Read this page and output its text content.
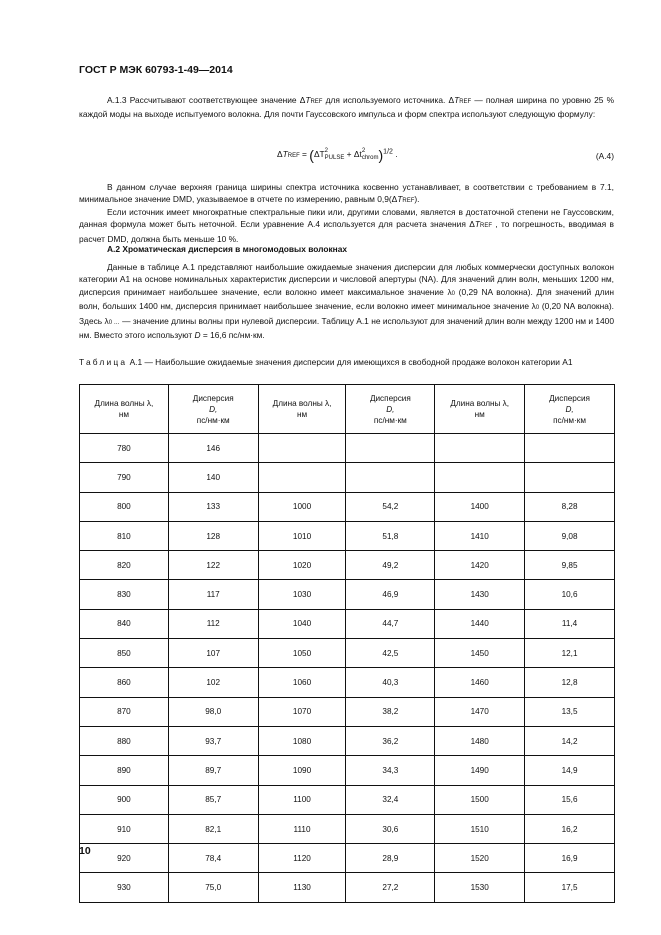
ГОСТ Р МЭК 60793-1-49—2014

А.1.3 Рассчитывают соответствующее значение ΔTREF для используемого источника. ΔTREF — полная ширина по уровню 25 % каждой моды на выходе испытуемого волокна. Для почти Гауссовского импульса и форм спектра используют следующую формулу:

ΔTREF = (ΔT2
PULSE + Δt2
chrom)$^{1/2}$ .	(А.4)

В данном случае верхняя граница ширины спектра источника косвенно устанавливает, в соответствии с требованием в 7.1, минимальное значение DMD, указываемое в отчете по измерению, равным 0,9(ΔTREF).

Если источник имеет многократные спектральные пики или, другими словами, является в достаточной степени не Гауссовским, данная формула может быть неточной. Если уравнение А.4 используется для расчета значения ΔTREF , то погрешность, вводимая в расчет DMD, должна быть меньше 10 %.

А.2 Хроматическая дисперсия в многомодовых волокнах

Данные в таблице А.1 представляют наибольшие ожидаемые значения дисперсии для любых коммерчески доступных волокон категории А1 на основе номинальных характеристик дисперсии и числовой апертуры (NA). Для значений длин волн, меньших 1200 нм, дисперсия принимает наибольшее значение, если волокно имеет максимальное значение λ0 (0,29 NA волокна). Для значений длин волн, больших 1400 нм, дисперсия принимает наибольшее значение, если волокно имеет минимальное значение λ0 (0,20 NA волокна). Здесь λ0 … — значение длины волны при нулевой дисперсии. Таблицу А.1 не используют для значений длин волн между 1200 нм и 1400 нм. Вместо этого используют D = 16,6 пс/нм·км.

Таблица А.1 — Наибольшие ожидаемые значения дисперсии для имеющихся в свободной продаже волокон категории А1

Длина волны λ,
нм	Дисперсия
D,
пс/нм·км	Длина волны λ,
нм	Дисперсия
D,
пс/нм·км	Длина волны λ,
нм	Дисперсия
D,
пс/нм·км
780	146				
790	140				
800	133	1000	54,2	1400	8,28
810	128	1010	51,8	1410	9,08
820	122	1020	49,2	1420	9,85
830	117	1030	46,9	1430	10,6
840	112	1040	44,7	1440	11,4
850	107	1050	42,5	1450	12,1
860	102	1060	40,3	1460	12,8
870	98,0	1070	38,2	1470	13,5
880	93,7	1080	36,2	1480	14,2
890	89,7	1090	34,3	1490	14,9
900	85,7	1100	32,4	1500	15,6
910	82,1	1110	30,6	1510	16,2
920	78,4	1120	28,9	1520	16,9
930	75,0	1130	27,2	1530	17,5
10
